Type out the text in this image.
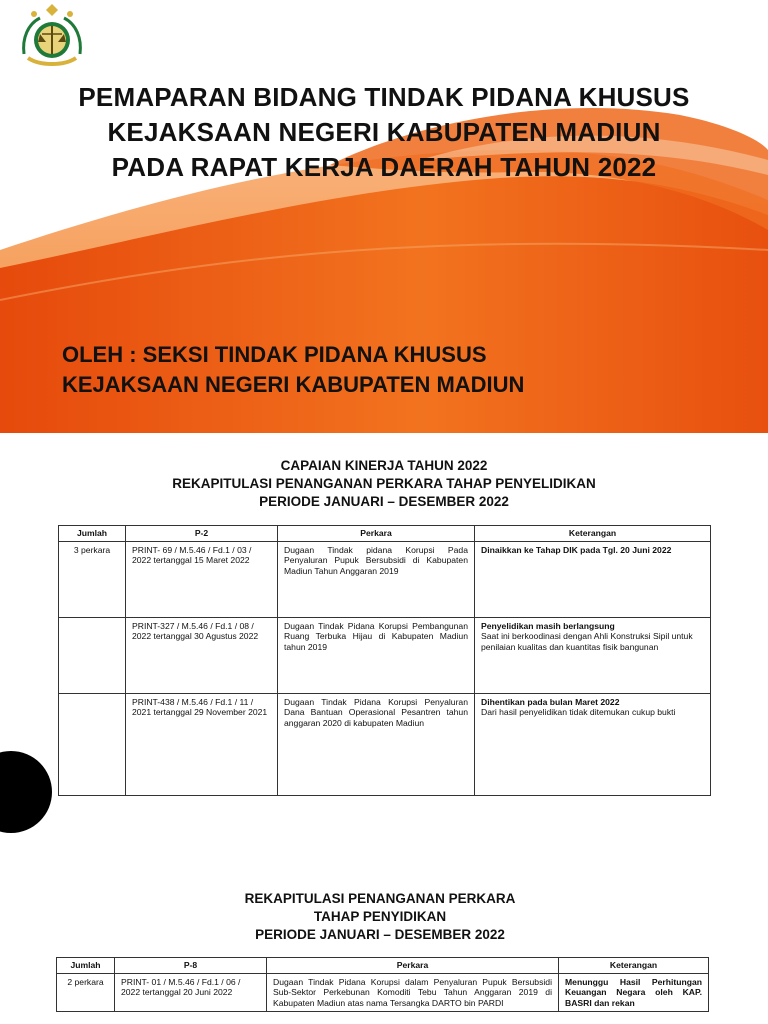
PEMAPARAN BIDANG TINDAK PIDANA KHUSUS
KEJAKSAAN NEGERI KABUPATEN MADIUN
PADA RAPAT KERJA DAERAH TAHUN 2022
OLEH : SEKSI TINDAK PIDANA KHUSUS
KEJAKSAAN NEGERI KABUPATEN MADIUN
CAPAIAN KINERJA TAHUN 2022
REKAPITULASI PENANGANAN PERKARA TAHAP PENYELIDIKAN
PERIODE JANUARI – DESEMBER 2022
Jumlah	P-2	Perkara	Keterangan
3 perkara	PRINT- 69 / M.5.46 / Fd.1 / 03 / 2022 tertanggal 15 Maret 2022	Dugaan Tindak pidana Korupsi Pada Penyaluran Pupuk Bersubsidi di Kabupaten Madiun Tahun Anggaran 2019	Dinaikkan ke Tahap DIK pada Tgl. 20 Juni 2022

	PRINT-327 / M.5.46 / Fd.1 / 08 / 2022 tertanggal 30 Agustus 2022	Dugaan Tindak Pidana Korupsi Pembangunan Ruang Terbuka Hijau di Kabupaten Madiun tahun 2019	Penyelidikan masih berlangsung
Saat ini berkoodinasi dengan Ahli Konstruksi Sipil untuk penilaian kualitas dan kuantitas fisik bangunan
	PRINT-438 / M.5.46 / Fd.1 / 11 / 2021 tertanggal 29 November 2021	Dugaan Tindak Pidana Korupsi Penyaluran Dana Bantuan Operasional Pesantren tahun anggaran 2020 di kabupaten Madiun	Dihentikan pada bulan Maret 2022
Dari hasil penyelidikan tidak ditemukan cukup bukti
REKAPITULASI PENANGANAN PERKARA
TAHAP PENYIDIKAN
PERIODE JANUARI – DESEMBER 2022
Jumlah	P-8	Perkara	Keterangan
2 perkara	PRINT- 01 / M.5.46 / Fd.1 / 06 / 2022 tertanggal 20 Juni 2022	Dugaan Tindak Pidana Korupsi dalam Penyaluran Pupuk Bersubsidi Sub-Sektor Perkebunan Komoditi Tebu Tahun Anggaran 2019 di Kabupaten Madiun atas nama Tersangka DARTO bin PARDI	Menunggu Hasil Perhitungan Keuangan Negara oleh KAP. BASRI dan rekan
